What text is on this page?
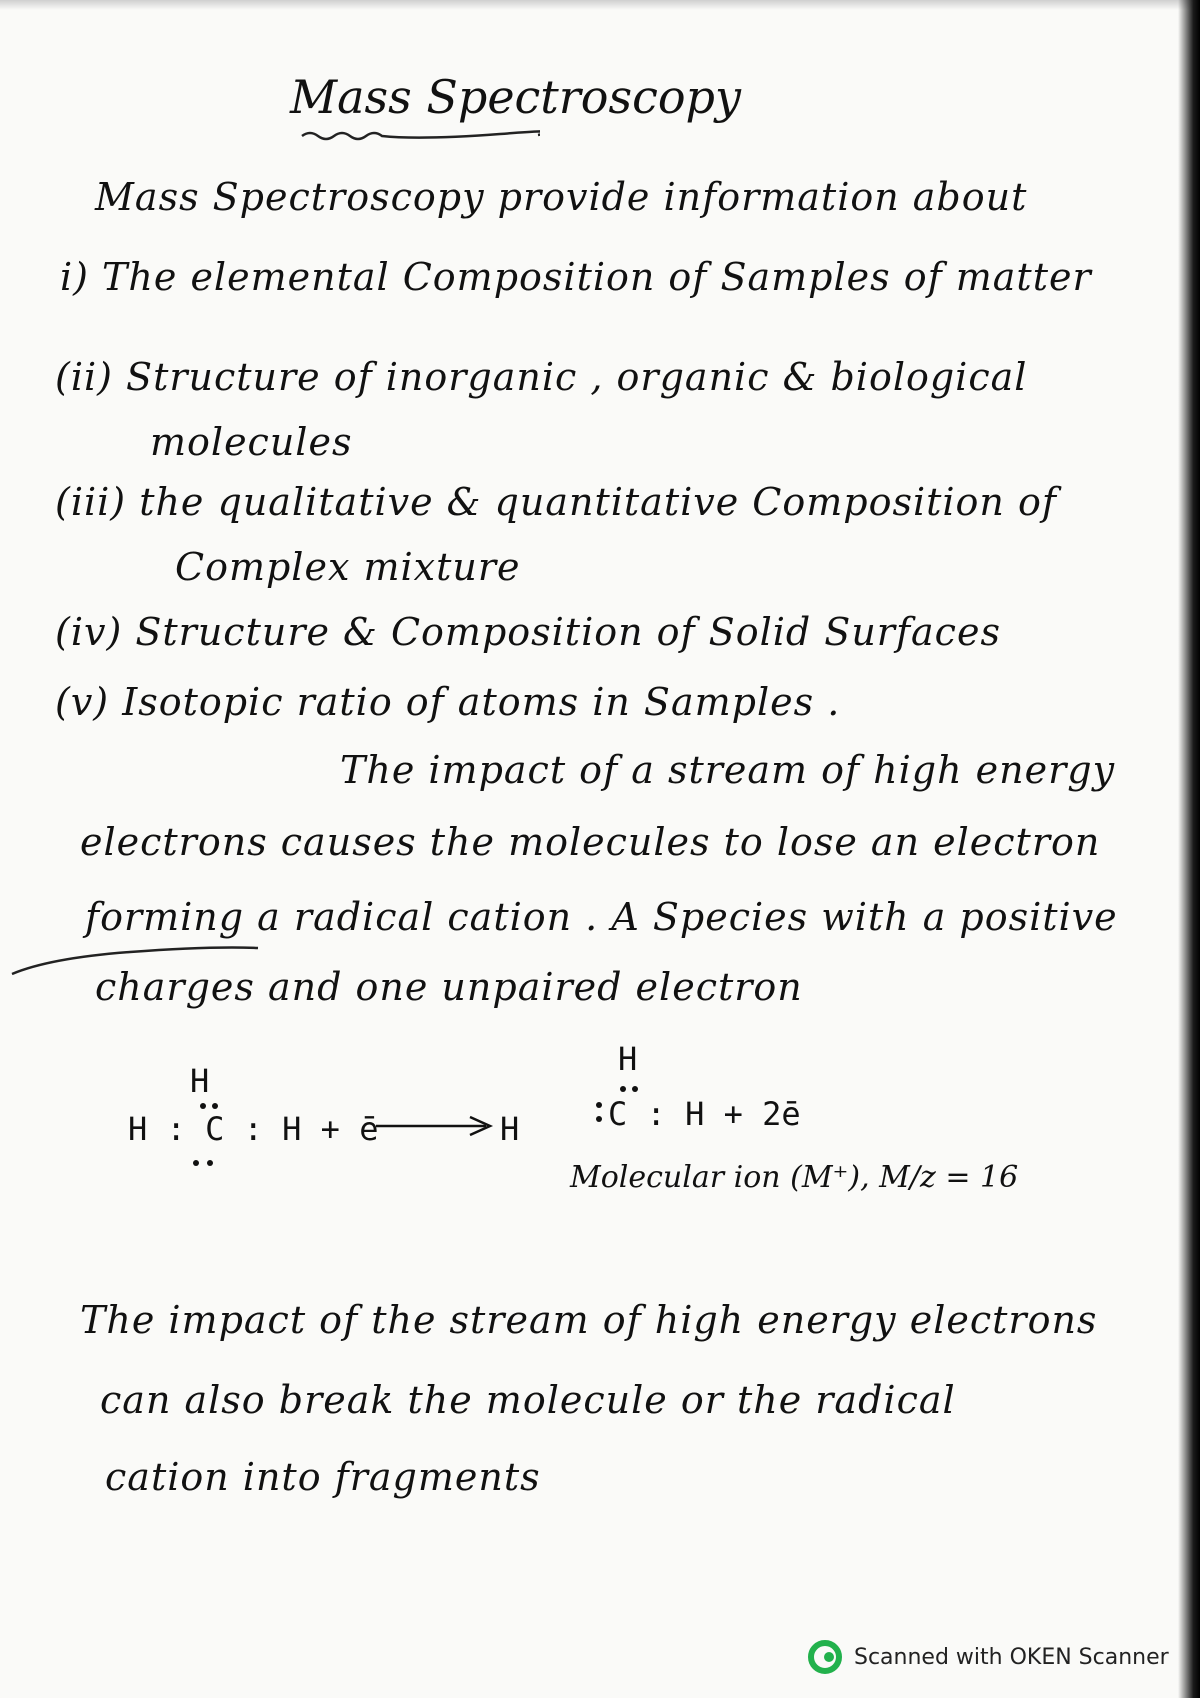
Mass Spectroscopy
Mass Spectroscopy provide information about
i) The elemental Composition of Samples of matter
(ii) Structure of inorganic , organic & biological
molecules
(iii) the qualitative & quantitative Composition of
Complex mixture
(iv) Structure & Composition of Solid Surfaces
(v) Isotopic ratio of atoms in Samples .
The impact of a stream of high energy
electrons causes the molecules to lose an electron
forming a radical cation . A Species with a positive
charges and one unpaired electron
H
H : C : H + ē	H
H
C : H + 2ē
Molecular ion (M⁺), M/z = 16
The impact of the stream of high energy electrons
can also break the molecule or the radical
cation into fragments
Scanned with OKEN Scanner
